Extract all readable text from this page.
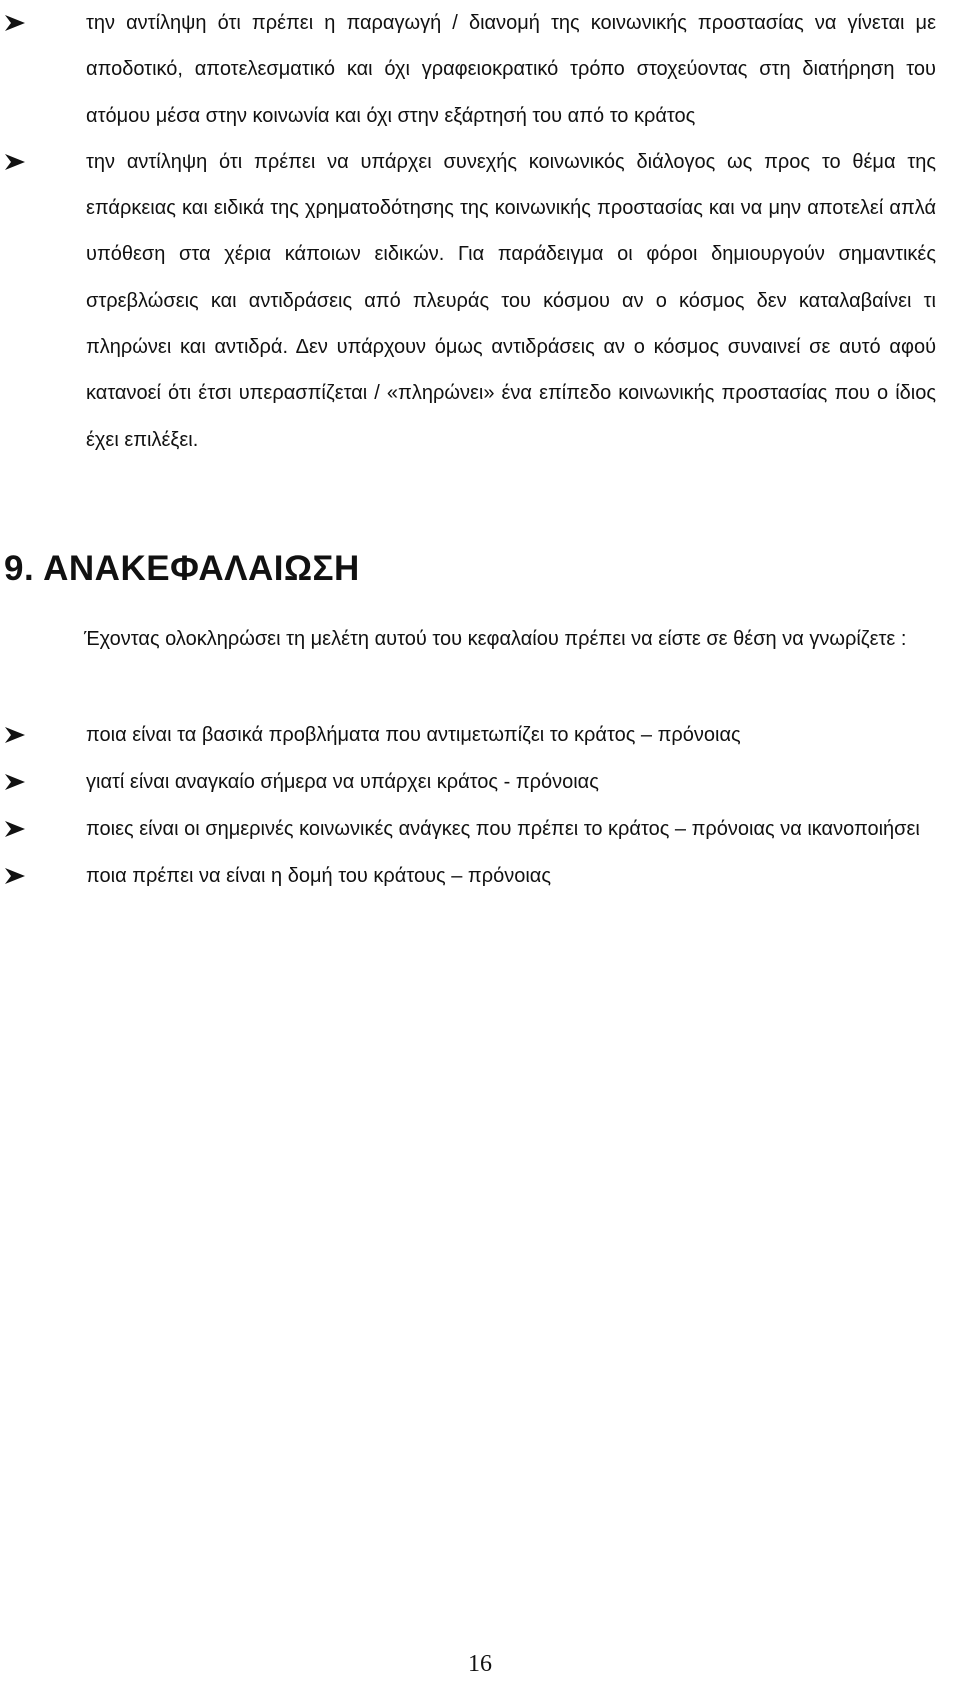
την αντίληψη ότι πρέπει η παραγωγή / διανομή της κοινωνικής προστασίας να γίνεται με αποδοτικό, αποτελεσματικό και όχι γραφειοκρατικό τρόπο στοχεύοντας στη διατήρηση του ατόμου μέσα στην κοινωνία και όχι στην εξάρτησή του από το κράτος
την αντίληψη ότι πρέπει να υπάρχει συνεχής κοινωνικός διάλογος ως προς το θέμα της επάρκειας και ειδικά της χρηματοδότησης της κοινωνικής προστασίας και να μην αποτελεί απλά υπόθεση στα χέρια κάποιων ειδικών. Για παράδειγμα οι φόροι δημιουργούν σημαντικές στρεβλώσεις και αντιδράσεις από πλευράς του κόσμου αν ο κόσμος δεν καταλαβαίνει τι πληρώνει και αντιδρά. Δεν υπάρχουν όμως αντιδράσεις αν ο κόσμος συναινεί σε αυτό αφού κατανοεί ότι έτσι υπερασπίζεται / «πληρώνει» ένα επίπεδο κοινωνικής προστασίας που ο ίδιος έχει επιλέξει.
9. ΑΝΑΚΕΦΑΛΑΙΩΣΗ

Έχοντας ολοκληρώσει τη μελέτη αυτού του κεφαλαίου πρέπει να είστε σε θέση να γνωρίζετε :

ποια είναι τα βασικά προβλήματα που αντιμετωπίζει το κράτος – πρόνοιας
γιατί είναι αναγκαίο σήμερα να υπάρχει κράτος - πρόνοιας
ποιες είναι οι σημερινές κοινωνικές ανάγκες που πρέπει το κράτος – πρόνοιας να ικανοποιήσει
ποια πρέπει να είναι η δομή του κράτους – πρόνοιας
16
